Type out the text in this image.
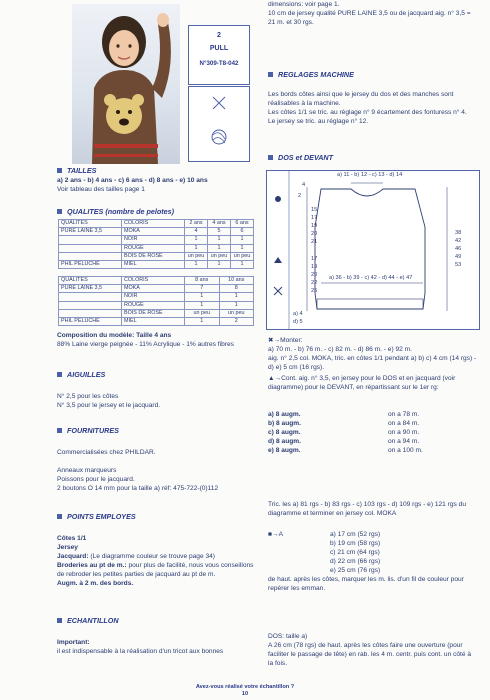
2
PULL
N°309-T8-042
TAILLES
a) 2 ans - b) 4 ans - c) 6 ans - d) 8 ans - e) 10 ans
Voir tableau des tailles page 1
QUALITES (nombre de pelotes)
QUALITES	COLORIS	2 ans	4 ans	6 ans
PURE LAINE 3,5	MOKA	4	5	6
	NOIR	1	1	1
	ROUGE	1	1	1
	BOIS DE ROSE	un peu	un peu	un peu
PHIL PELUCHE	MIEL	1	1	1
QUALITES	COLORIS	8 ans	10 ans
PURE LAINE 3,5	MOKA	7	8
	NOIR	1	1
	ROUGE	1	1
	BOIS DE ROSE	un peu	un peu
PHIL PELUCHE	MIEL	1	2
Composition du modèle: Taille 4 ans
88% Laine vierge peignée - 11% Acrylique - 1% autres fibres
AIGUILLES
N° 2,5 pour les côtes
N° 3,5 pour le jersey et le jacquard.
FOURNITURES
Commercialisées chez PHILDAR.
Anneaux marqueurs
Poissons pour le jacquard.
2 boutons O 14 mm pour la taille a) réf: 475-722-(0)112
POINTS EMPLOYES
Côtes 1/1
Jersey
Jacquard: (Le diagramme couleur se trouve page 34)
Broderies au pt de m.: pour plus de facilité, nous vous conseillons de rebroder les petites parties de jacquard au pt de m.
Augm. à 2 m. des bords.
ECHANTILLON
Important:
il est indispensable à la réalisation d'un tricot aux bonnes
dimensions: voir page 1.
10 cm de jersey qualité PURE LAINE 3,5 ou de jacquard aig. n° 3,5 = 21 m. et 30 rgs.
REGLAGES MACHINE
Les bords côtes ainsi que le jersey du dos et des manches sont réalisables à la machine.
Les côtes 1/1 se tric. au réglage n° 9 écartement des fonturess n° 4.
Le jersey se tric. au réglage n° 12.
DOS et DEVANT
a) 11 - b) 12 - c) 13 - d) 14
4
2
15
17
19
20
21
17
19
20
22
25
38
42
46
49
53
a) 36 - b) 39 - c) 42 - d) 44 - e) 47
a) 4
d) 5
✖→Monter:
a) 70 m. - b) 76 m. - c) 82 m. - d) 86 m. - e) 92 m.
aig. n° 2,5 col. MOKA, tric. en côtes 1/1 pendant a) b) c) 4 cm (14 rgs) - d) e) 5 cm (16 rgs).
▲→Cont. aig. n° 3,5, en jersey pour le DOS et en jacquard (voir diagramme) pour le DEVANT, en répartissant sur le 1er rg:
a) 8 augm.	on a 78 m.
b) 8 augm.	on a 84 m.
c) 8 augm.	on a 90 m.
d) 8 augm.	on a 94 m.
e) 8 augm.	on a 100 m.
Tric. les a) 81 rgs - b) 83 rgs - c) 103 rgs - d) 109 rgs - e) 121 rgs du diagramme et terminer en jersey col. MOKA
■→A	a) 17 cm (52 rgs)
b) 19 cm (58 rgs)
c) 21 cm (64 rgs)
d) 22 cm (66 rgs)
e) 25 cm (76 rgs)
de haut. après les côtes, marquer les m. lis. d'un fil de couleur pour repérer les emman.
DOS: taille a)
A 26 cm (78 rgs) de haut. après les côtes faire une ouverture (pour faciliter le passage de tête) en rab. les 4 m. centr. puis cont. un côté à la fois.
Avez-vous réalisé votre échantillon ?
10
